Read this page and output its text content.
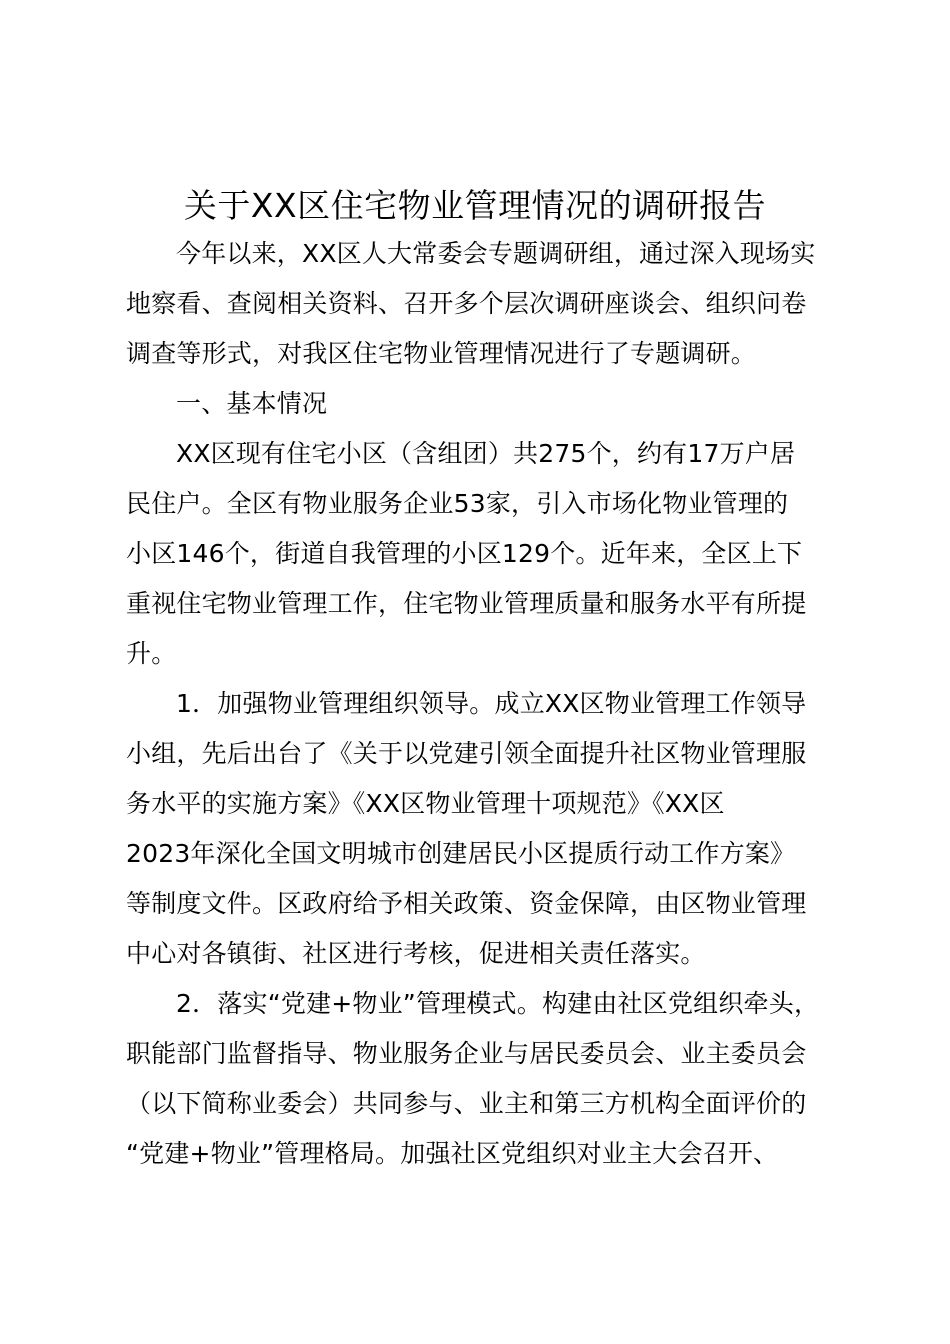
关于XX区住宅物业管理情况的调研报告
今年以来，XX区人大常委会专题调研组，通过深入现场实
地察看、查阅相关资料、召开多个层次调研座谈会、组织问卷
调查等形式，对我区住宅物业管理情况进行了专题调研。
一、基本情况
XX区现有住宅小区（含组团）共275个，约有17万户居
民住户。全区有物业服务企业53家，引入市场化物业管理的
小区146个，街道自我管理的小区129个。近年来，全区上下
重视住宅物业管理工作，住宅物业管理质量和服务水平有所提
升。
1．加强物业管理组织领导。成立XX区物业管理工作领导
小组，先后出台了《关于以党建引领全面提升社区物业管理服
务水平的实施方案》《XX区物业管理十项规范》《XX区
2023年深化全国文明城市创建居民小区提质行动工作方案》
等制度文件。区政府给予相关政策、资金保障，由区物业管理
中心对各镇街、社区进行考核，促进相关责任落实。
2．落实“党建+物业”管理模式。构建由社区党组织牵头，
职能部门监督指导、物业服务企业与居民委员会、业主委员会
（以下简称业委会）共同参与、业主和第三方机构全面评价的
“党建+物业”管理格局。加强社区党组织对业主大会召开、
